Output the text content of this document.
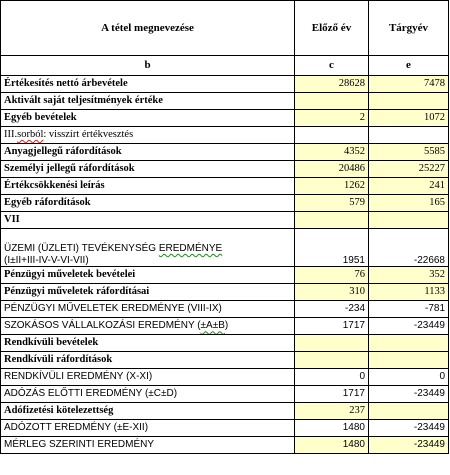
A tétel megnevezése	Előző év	Tárgyév
b	c	e
Értékesítés nettó árbevétele	28628	7478
Aktivált saját teljesítmények értéke		
Egyéb bevételek	2	1072
III.sorból: visszírt értékvesztés		
Anyagjellegű ráfordítások	4352	5585
Személyi jellegű ráfordítások	20486	25227
Értékcsökkenési leírás	1262	241
Egyéb ráfordítások	579	165
VII		

ÜZEMI (ÜZLETI) TEVÉKENYSÉG EREDMÉNYE
(I±II+III-IV-V-VI-VII)	1951	-22668
Pénzügyi műveletek bevételei	76	352
Pénzügyi műveletek ráfordításai	310	1133
PÉNZÜGYI MŰVELETEK EREDMÉNYE (VIII-IX)	-234	-781
SZOKÁSOS VÁLLALKOZÁSI EREDMÉNY (±A±B)	1717	-23449
Rendkívüli bevételek		
Rendkívüli ráfordítások		
RENDKÍVÜLI EREDMÉNY (X-XI)	0	0
ADÓZÁS ELŐTTI EREDMÉNY (±C±D)	1717	-23449
Adófizetési kötelezettség	237	
ADÓZOTT EREDMÉNY (±E-XII)	1480	-23449
MÉRLEG SZERINTI EREDMÉNY	1480	-23449
